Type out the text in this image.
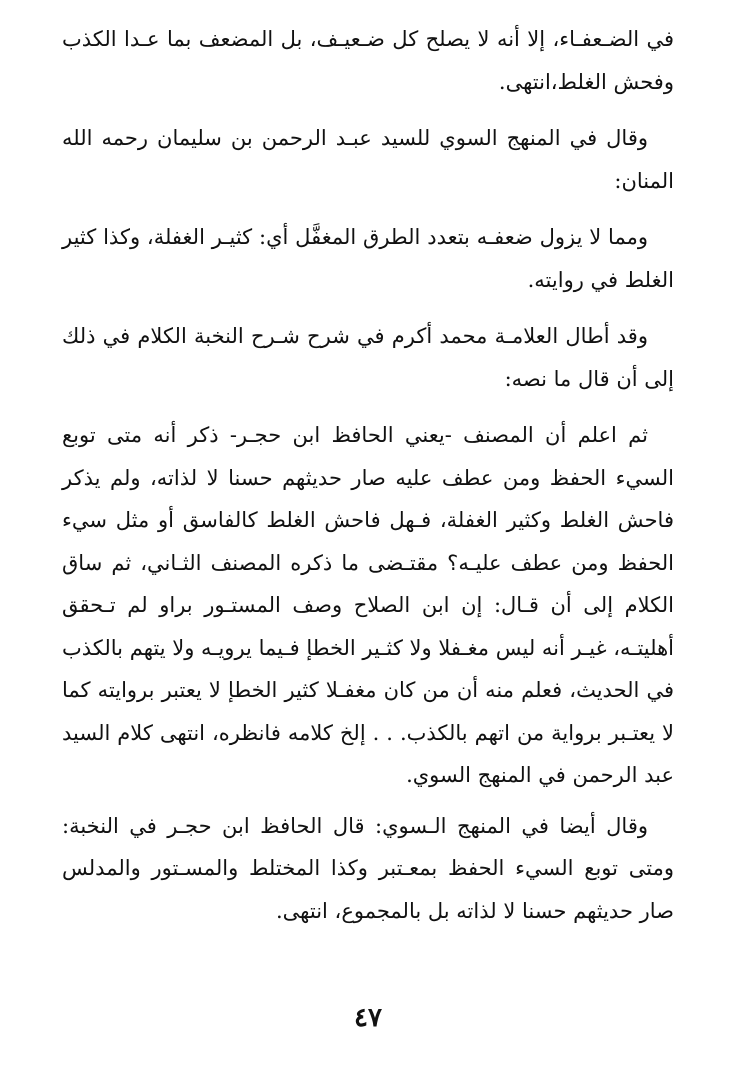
في الضـعفـاء، إلا أنه لا يصلح كل ضـعيـف، بل المضعف بما عـدا الكذب وفحش الغلط،انتهى.

وقال في المنهج السوي للسيد عبـد الرحمن بن سليمان رحمه الله المنان:

ومما لا يزول ضعفـه بتعدد الطرق المغفَّل أي: كثيـر الغفلة، وكذا كثير الغلط في روايته.

وقد أطال العلامـة محمد أكرم في شرح شـرح النخبة الكلام في ذلك إلى أن قال ما نصه:

ثم اعلم أن المصنف -يعني الحافظ ابن حجـر- ذكر أنه متى توبع السيء الحفظ ومن عطف عليه صار حديثهم حسنا لا لذاته، ولم يذكر فاحش الغلط وكثير الغفلة، فـهل فاحش الغلط كالفاسق أو مثل سيء الحفظ ومن عطف عليـه؟ مقتـضى ما ذكره المصنف الثـاني، ثم ساق الكلام إلى أن قـال: إن ابن الصلاح وصف المستـور براو لم تـحقق أهليتـه، غيـر أنه ليس مغـفلا ولا كثـير الخطإ فـيما يرويـه ولا يتهم بالكذب في الحديث، فعلم منه أن من كان مغفـلا كثير الخطإ لا يعتبر بروايته كما لا يعتـبر برواية من اتهم بالكذب. . . إلخ كلامه فانظره، انتهى كلام السيد عبد الرحمن في المنهج السوي.

وقال أيضا في المنهج الـسوي: قال الحافظ ابن حجـر في النخبة: ومتى توبع السيء الحفظ بمعـتبر وكذا المختلط والمسـتور والمدلس صار حديثهم حسنا لا لذاته بل بالمجموع، انتهى.

٤٧
